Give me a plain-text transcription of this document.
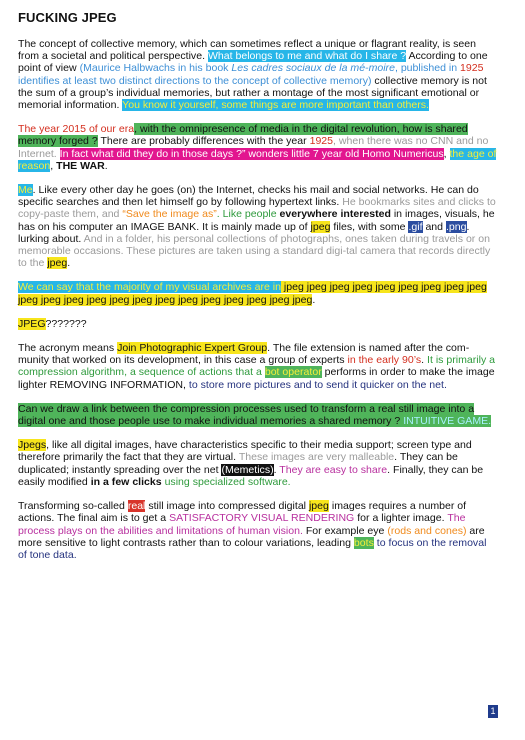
FUCKING JPEG

The concept of collective memory, which can sometimes reflect a unique or flagrant reality, is seen from a societal and political perspective. What belongs to me and what do I share ? According to one point of view (Maurice Halbwachs in his book Les cadres sociaux de la mé-moire, published in 1925 identifies at least two distinct directions to the concept of collective memory) collective memory is not the sum of a group’s individual memories, but rather a montage of the most significant emotional or memorial information. You know it yourself, some things are more important than others.

The year 2015 of our era, with the omnipresence of media in the digital revolution, how is shared memory forged ? There are probably differences with the year 1925, when there was no CNN and no Internet. In fact what did they do in those days ?” wonders little 7 year old Homo Numericus, the age of reason, THE WAR.

Me. Like every other day he goes (on) the Internet, checks his mail and social networks. He can do specific searches and then let himself go by following hypertext links. He bookmarks sites and clicks to copy-paste them, and “Save the image as”. Like people everywhere interested in images, visuals, he has on his computer an IMAGE BANK. It is mainly made up of jpeg files, with some .gif and .png. lurking about. And in a folder, his personal collections of photographs, ones taken during travels or on memorable occasions. These pictures are taken using a standard digi-tal camera that records directly to the jpeg.

We can say that the majority of my visual archives are in jpeg jpeg jpeg jpeg jpeg jpeg jpeg jpeg jpeg jpeg jpeg jpeg jpeg jpeg jpeg jpeg jpeg jpeg jpeg jpeg jpeg jpeg.

JPEG???????

The acronym means Join Photographic Expert Group. The file extension is named after the com-munity that worked on its development, in this case a group of experts in the early 90’s. It is primarily a compression algorithm, a sequence of actions that a bot operator performs in order to make the image lighter REMOVING INFORMATION, to store more pictures and to send it quicker on the net.

Can we draw a link between the compression processes used to transform a real still image into a digital one and those people use to make individual memories a shared memory ? INTUITIVE GAME.

Jpegs, like all digital images, have characteristics specific to their media support; screen type and therefore primarily the fact that they are virtual. These images are very malleable. They can be duplicated; instantly spreading over the net (Memetics). They are easy to share. Finally, they can be easily modified in a few clicks using specialized software.

Transforming so-called real still image into compressed digital jpeg images requires a number of actions. The final aim is to get a SATISFACTORY VISUAL RENDERING for a lighter image. The process plays on the abilities and limitations of human vision. For example eye (rods and cones) are more sensitive to light contrasts rather than to colour variations, leading bots to focus on the removal of tone data.

1
